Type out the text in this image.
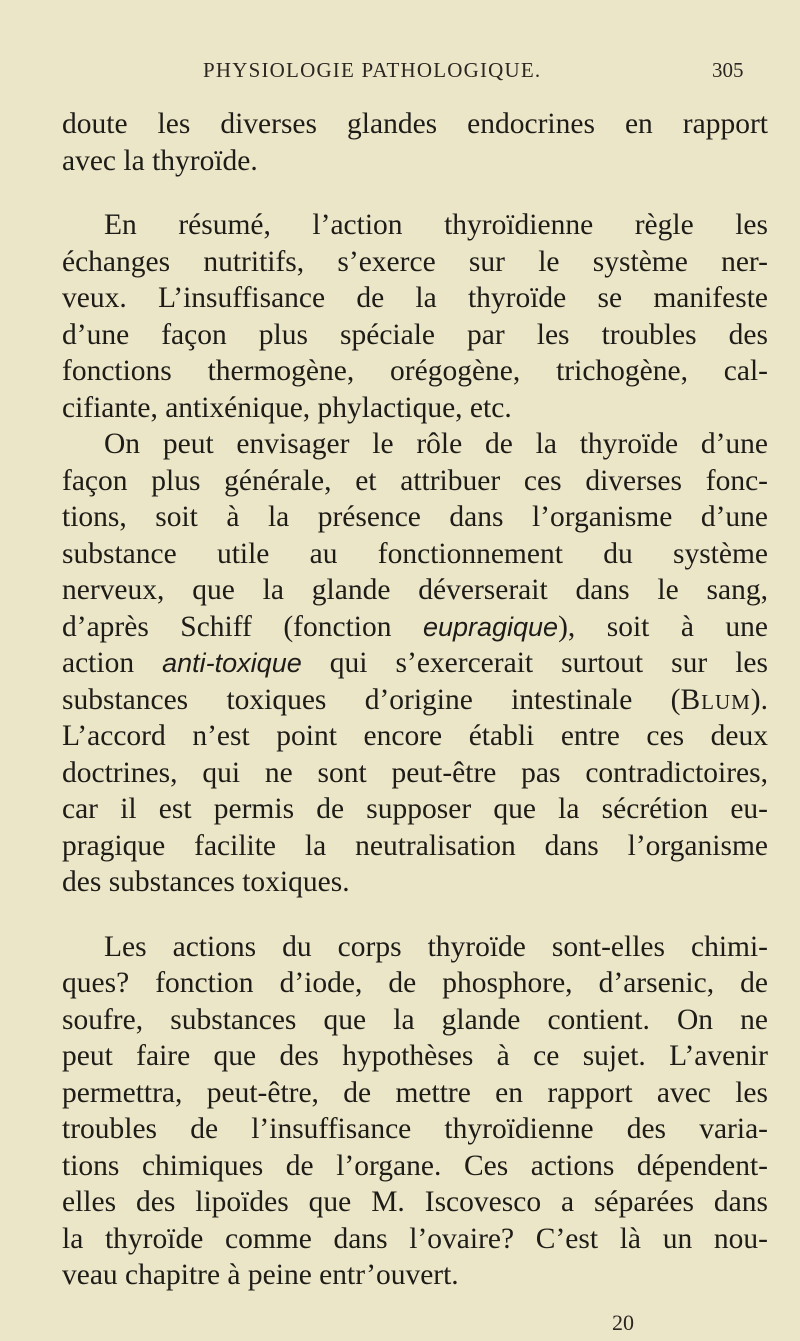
PHYSIOLOGIE PATHOLOGIQUE.	305
doute les diverses glandes endocrines en rapport
avec la thyroïde.
En résumé, l’action thyroïdienne règle les
échanges nutritifs, s’exerce sur le système ner-
veux. L’insuffisance de la thyroïde se manifeste
d’une façon plus spéciale par les troubles des
fonctions thermogène, orégogène, trichogène, cal-
cifiante, antixénique, phylactique, etc.
On peut envisager le rôle de la thyroïde d’une
façon plus générale, et attribuer ces diverses fonc-
tions, soit à la présence dans l’organisme d’une
substance utile au fonctionnement du système
nerveux, que la glande déverserait dans le sang,
d’après Schiff (fonction eupragique), soit à une
action anti-toxique qui s’exercerait surtout sur les
substances toxiques d’origine intestinale (Blum).
L’accord n’est point encore établi entre ces deux
doctrines, qui ne sont peut-être pas contradictoires,
car il est permis de supposer que la sécrétion eu-
pragique facilite la neutralisation dans l’organisme
des substances toxiques.
Les actions du corps thyroïde sont-elles chimi-
ques? fonction d’iode, de phosphore, d’arsenic, de
soufre, substances que la glande contient. On ne
peut faire que des hypothèses à ce sujet. L’avenir
permettra, peut-être, de mettre en rapport avec les
troubles de l’insuffisance thyroïdienne des varia-
tions chimiques de l’organe. Ces actions dépendent-
elles des lipoïdes que M. Iscovesco a séparées dans
la thyroïde comme dans l’ovaire? C’est là un nou-
veau chapitre à peine entr’ouvert.
20
